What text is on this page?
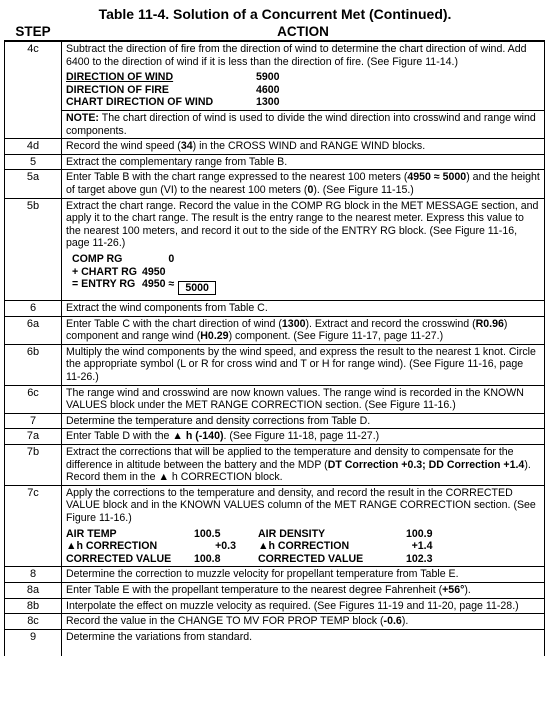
Table 11-4. Solution of a Concurrent Met (Continued).
STEP	ACTION
4c	Subtract the direction of fire from the direction of wind to determine the chart direction of wind. Add 6400 to the direction of wind if it is less than the direction of fire. (See Figure 11-14.)

DIRECTION OF WIND	5900
DIRECTION OF FIRE	4600
CHART DIRECTION OF WIND	1300

NOTE: The chart direction of wind is used to divide the wind direction into crosswind and range wind components.
4d	Record the wind speed (34) in the CROSS WIND and RANGE WIND blocks.
5	Extract the complementary range from Table B.
5a	Enter Table B with the chart range expressed to the nearest 100 meters (4950 ≈ 5000) and the height of target above gun (VI) to the nearest 100 meters (0). (See Figure 11-15.)
5b	Extract the chart range. Record the value in the COMP RG block in the MET MESSAGE section, and apply it to the chart range. The result is the entry range to the nearest meter. Express this value to the nearest 100 meters, and record it out to the side of the ENTRY RG block. (See Figure 11-16, page 11-26.)

COMP RG	0	
+ CHART RG	4950	
= ENTRY RG	4950 ≈	5000

6	Extract the wind components from Table C.
6a	Enter Table C with the chart direction of wind (1300). Extract and record the crosswind (R0.96) component and range wind (H0.29) component. (See Figure 11-17, page 11-27.)
6b	Multiply the wind components by the wind speed, and express the result to the nearest 1 knot. Circle the appropriate symbol (L or R for cross wind and T or H for range wind). (See Figure 11-16, page 11-26.)
6c	The range wind and crosswind are now known values. The range wind is recorded in the KNOWN VALUES block under the MET RANGE CORRECTION section. (See Figure 11-16.)
7	Determine the temperature and density corrections from Table D.
7a	Enter Table D with the ▲ h (-140). (See Figure 11-18, page 11-27.)
7b	Extract the corrections that will be applied to the temperature and density to compensate for the difference in altitude between the battery and the MDP (DT Correction +0.3; DD Correction +1.4). Record them in the ▲ h CORRECTION block.
7c	Apply the corrections to the temperature and density, and record the result in the CORRECTED VALUE block and in the KNOWN VALUES column of the MET RANGE CORRECTION section. (See Figure 11-16.)

AIR TEMP	100.5	AIR DENSITY	100.9
▲h CORRECTION	+0.3	▲h CORRECTION	+1.4
CORRECTED VALUE	100.8	CORRECTED VALUE	102.3

8	Determine the correction to muzzle velocity for propellant temperature from Table E.
8a	Enter Table E with the propellant temperature to the nearest degree Fahrenheit (+56°).
8b	Interpolate the effect on muzzle velocity as required. (See Figures 11-19 and 11-20, page 11-28.)
8c	Record the value in the CHANGE TO MV FOR PROP TEMP block (-0.6).
9	Determine the variations from standard.
